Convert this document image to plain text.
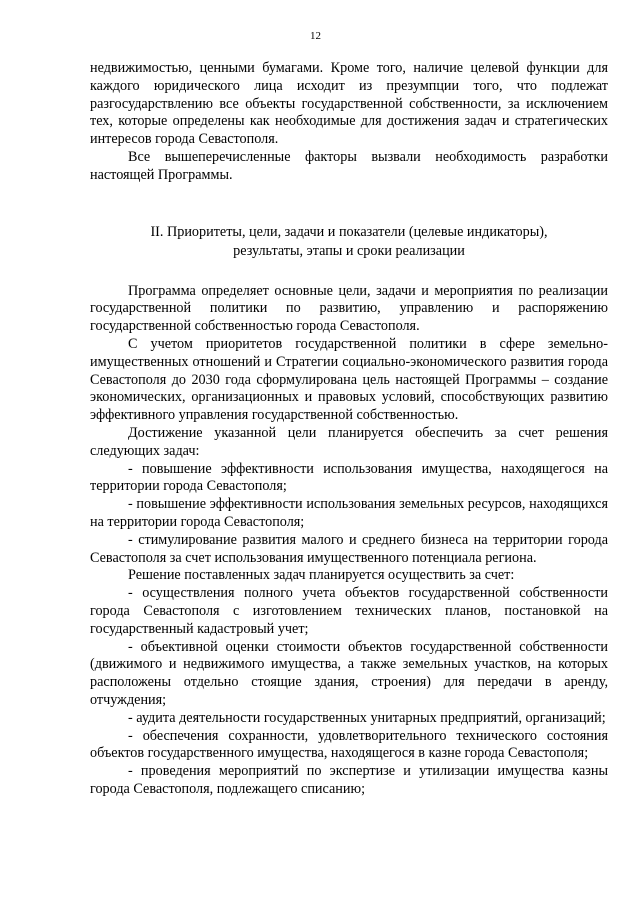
12

недвижимостью, ценными бумагами. Кроме того, наличие целевой функции для каждого юридического лица исходит из презумпции того, что подлежат разгосударствлению все объекты государственной собственности, за исключением тех, которые определены как необходимые для достижения задач и стратегических интересов города Севастополя.

Все вышеперечисленные факторы вызвали необходимость разработки настоящей Программы.

II. Приоритеты, цели, задачи и показатели (целевые индикаторы),

результаты, этапы и сроки реализации

Программа определяет основные цели, задачи и мероприятия по реализации государственной политики по развитию, управлению и распоряжению государственной собственностью города Севастополя.

С учетом приоритетов государственной политики в сфере земельно-имущественных отношений и Стратегии социально-экономического развития города Севастополя до 2030 года сформулирована цель настоящей Программы – создание экономических, организационных и правовых условий, способствующих развитию эффективного управления государственной собственностью.

Достижение указанной цели планируется обеспечить за счет решения следующих задач:

- повышение эффективности использования имущества, находящегося на территории города Севастополя;

- повышение эффективности использования земельных ресурсов, находящихся на территории города Севастополя;

- стимулирование развития малого и среднего бизнеса на территории города Севастополя за счет использования имущественного потенциала региона.

Решение поставленных задач планируется осуществить за счет:

- осуществления полного учета объектов государственной собственности города Севастополя с изготовлением технических планов, постановкой на государственный кадастровый учет;

- объективной оценки стоимости объектов государственной собственности (движимого и недвижимого имущества, а также земельных участков, на которых расположены отдельно стоящие здания, строения) для передачи в аренду, отчуждения;

- аудита деятельности государственных унитарных предприятий, организаций;

- обеспечения сохранности, удовлетворительного технического состояния объектов государственного имущества, находящегося в казне города Севастополя;

- проведения мероприятий по экспертизе и утилизации имущества казны города Севастополя, подлежащего списанию;
